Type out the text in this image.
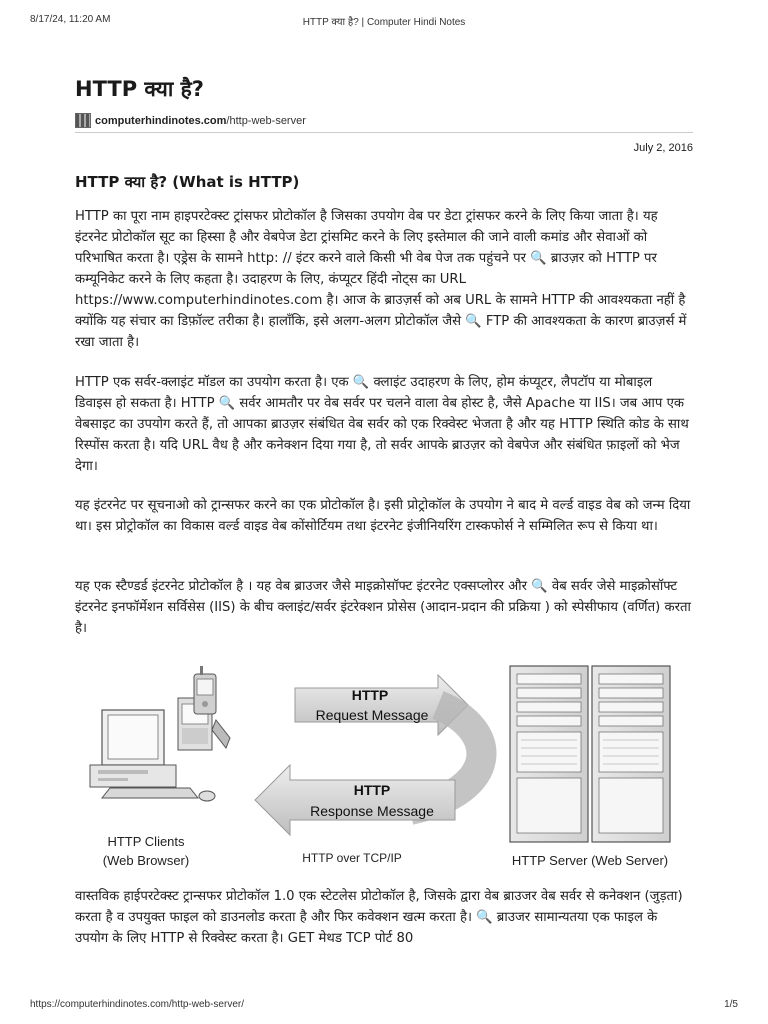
8/17/24, 11:20 AM	HTTP क्या है? | Computer Hindi Notes
HTTP क्या है?
computerhindinotes.com/http-web-server
July 2, 2016
HTTP क्या है? (What is HTTP)

HTTP का पूरा नाम हाइपरटेक्स्ट ट्रांसफर प्रोटोकॉल है जिसका उपयोग वेब पर डेटा ट्रांसफर करने के लिए किया जाता है। यह इंटरनेट प्रोटोकॉल सूट का हिस्सा है और वेबपेज डेटा ट्रांसमिट करने के लिए इस्तेमाल की जाने वाली कमांड और सेवाओं को परिभाषित करता है। एड्रेस के सामने http: // इंटर करने वाले किसी भी वेब पेज तक पहुंचने पर 🔍 ब्राउज़र को HTTP पर कम्यूनिकेट करने के लिए कहता है। उदाहरण के लिए, कंप्यूटर हिंदी नोट्स का URL https://www.computerhindinotes.com है। आज के ब्राउज़र्स को अब URL के सामने HTTP की आवश्यकता नहीं है क्योंकि यह संचार का डिफ़ॉल्ट तरीका है। हालाँकि, इसे अलग-अलग प्रोटोकॉल जैसे 🔍 FTP की आवश्यकता के कारण ब्राउज़र्स में रखा जाता है।

HTTP एक सर्वर-क्लाइंट मॉडल का उपयोग करता है। एक 🔍 क्लाइंट उदाहरण के लिए, होम कंप्यूटर, लैपटॉप या मोबाइल डिवाइस हो सकता है। HTTP 🔍 सर्वर आमतौर पर वेब सर्वर पर चलने वाला वेब होस्ट है, जैसे Apache या IIS। जब आप एक वेबसाइट का उपयोग करते हैं, तो आपका ब्राउज़र संबंधित वेब सर्वर को एक रिक्वेस्ट भेजता है और यह HTTP स्थिति कोड के साथ रिस्पोंस करता है। यदि URL वैध है और कनेक्शन दिया गया है, तो सर्वर आपके ब्राउज़र को वेबपेज और संबंधित फ़ाइलों को भेज देगा।

यह इंटरनेट पर सूचनाओ को ट्रान्सफर करने का एक प्रोटोकॉल है। इसी प्रोट्रोकॉल के उपयोग ने बाद मे वर्ल्ड वाइड वेब को जन्म दिया था। इस प्रोट्रोकॉल का विकास वर्ल्ड वाइड वेब कोंसोर्टियम तथा इंटरनेट इंजीनियरिंग टास्कफोर्स ने सम्मिलित रूप से किया था।

यह एक स्टैण्डर्ड इंटरनेट प्रोटोकॉल है । यह वेब ब्राउजर जैसे माइक्रोसॉफ्ट इंटरनेट एक्सप्लोरर और 🔍 वेब सर्वर जेसे माइक्रोसॉफ्ट इंटरनेट इनफॉर्मेशन सर्विसेस (IIS) के बीच क्लाइंट/सर्वर इंटरेक्शन प्रोसेस (आदान-प्रदान की प्रक्रिया ) को स्पेसीफाय (वर्णित) करता है।

HTTP
Request Message
HTTP
Response Message
HTTP Clients
(Web Browser)	HTTP over TCP/IP	HTTP Server (Web Server)

वास्तविक हाईपरटेक्स्ट ट्रान्सफर प्रोटोकॉल 1.0 एक स्टेटलेस प्रोटोकॉल है, जिसके द्वारा वेब ब्राउजर वेब सर्वर से कनेक्शन (जुड़ता) करता है व उपयुक्त फाइल को डाउनलोड करता है और फिर कवेक्शन खत्म करता है। 🔍 ब्राउजर सामान्यतया एक फाइल के उपयोग के लिए HTTP से रिक्वेस्ट करता है। GET मेथड TCP पोर्ट 80

https://computerhindinotes.com/http-web-server/	1/5
